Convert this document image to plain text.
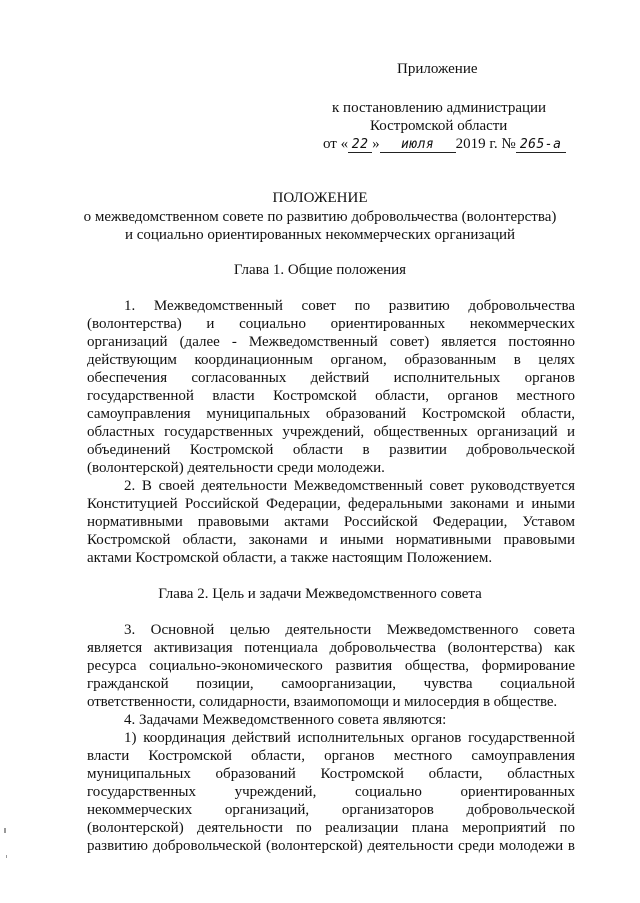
Приложение
к постановлению администрации
Костромской области
от « 22 » июля 2019 г. № 265-а
ПОЛОЖЕНИЕ
о межведомственном совете по развитию добровольчества (волонтерства)
и социально ориентированных некоммерческих организаций
Глава 1. Общие положения
1. Межведомственный совет по развитию добровольчества
(волонтерства) и социально ориентированных некоммерческих
организаций (далее - Межведомственный совет) является постоянно
действующим координационным органом, образованным в целях
обеспечения согласованных действий исполнительных органов
государственной власти Костромской области, органов местного
самоуправления муниципальных образований Костромской области,
областных государственных учреждений, общественных организаций и
объединений Костромской области в развитии добровольческой
(волонтерской) деятельности среди молодежи.
2. В своей деятельности Межведомственный совет руководствуется
Конституцией Российской Федерации, федеральными законами и иными
нормативными правовыми актами Российской Федерации, Уставом
Костромской области, законами и иными нормативными правовыми
актами Костромской области, а также настоящим Положением.
Глава 2. Цель и задачи Межведомственного совета
3. Основной целью деятельности Межведомственного совета
является активизация потенциала добровольчества (волонтерства) как
ресурса социально-экономического развития общества, формирование
гражданской позиции, самоорганизации, чувства социальной
ответственности, солидарности, взаимопомощи и милосердия в обществе.
4. Задачами Межведомственного совета являются:
1) координация действий исполнительных органов государственной
власти Костромской области, органов местного самоуправления
муниципальных образований Костромской области, областных
государственных учреждений, социально ориентированных
некоммерческих организаций, организаторов добровольческой
(волонтерской) деятельности по реализации плана мероприятий по
развитию добровольческой (волонтерской) деятельности среди молодежи в
